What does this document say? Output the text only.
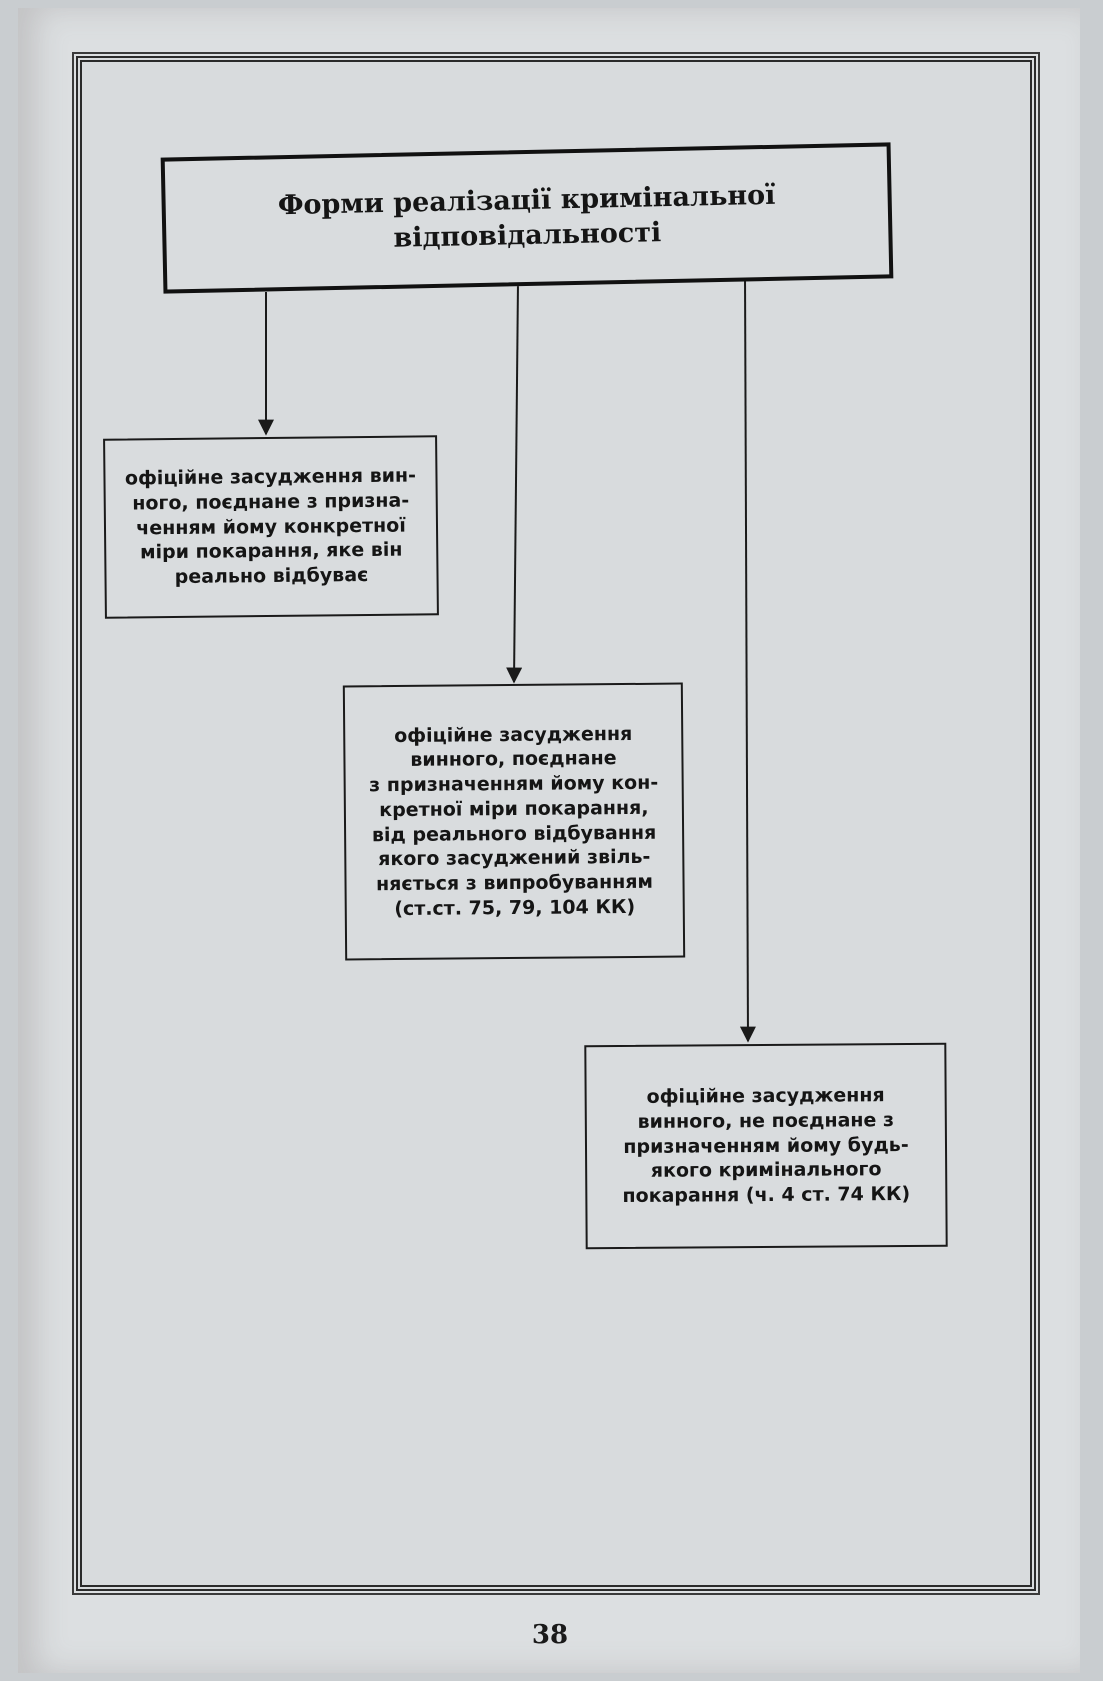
Форми реалізації кримінальної
відповідальності
офіційне засудження вин-
ного, поєднане з призна-
ченням йому конкретної
міри покарання, яке він
реально відбуває
офіційне засудження
винного, поєднане
з призначенням йому кон-
кретної міри покарання,
від реального відбування
якого засуджений звіль-
няється з випробуванням
(ст.ст. 75, 79, 104 КК)
офіційне засудження
винного, не поєднане з
призначенням йому будь-
якого кримінального
покарання (ч. 4 ст. 74 КК)
38
